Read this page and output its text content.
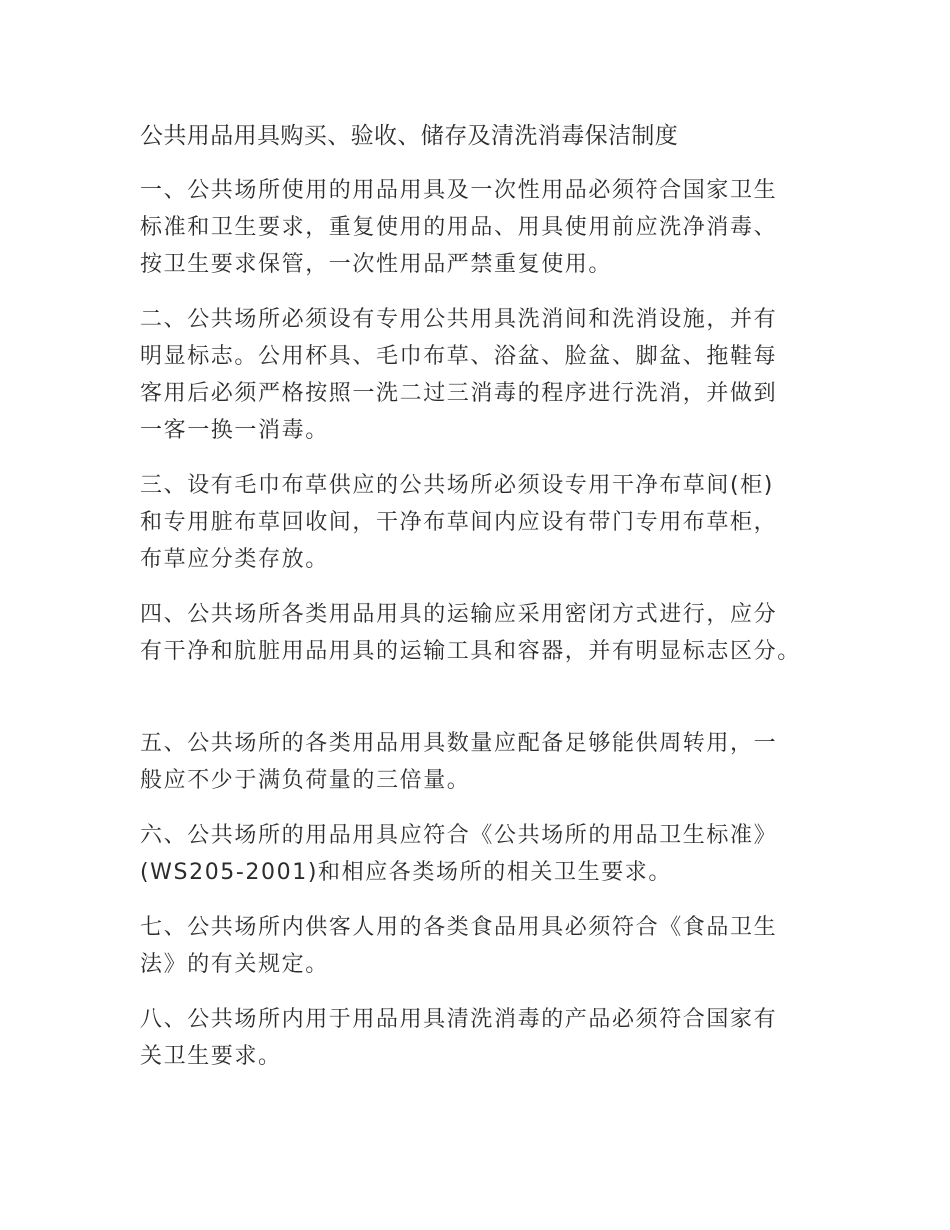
公共用品用具购买、验收、储存及清洗消毒保洁制度
一、公共场所使用的用品用具及一次性用品必须符合国家卫生
标准和卫生要求，重复使用的用品、用具使用前应洗净消毒、
按卫生要求保管，一次性用品严禁重复使用。
二、公共场所必须设有专用公共用具洗消间和洗消设施，并有
明显标志。公用杯具、毛巾布草、浴盆、脸盆、脚盆、拖鞋每
客用后必须严格按照一洗二过三消毒的程序进行洗消，并做到
一客一换一消毒。
三、设有毛巾布草供应的公共场所必须设专用干净布草间(柜)
和专用脏布草回收间，干净布草间内应设有带门专用布草柜，
布草应分类存放。
四、公共场所各类用品用具的运输应采用密闭方式进行，应分
有干净和肮脏用品用具的运输工具和容器，并有明显标志区分。
五、公共场所的各类用品用具数量应配备足够能供周转用，一
般应不少于满负荷量的三倍量。
六、公共场所的用品用具应符合《公共场所的用品卫生标准》
(WS205-2001)和相应各类场所的相关卫生要求。
七、公共场所内供客人用的各类食品用具必须符合《食品卫生
法》的有关规定。
八、公共场所内用于用品用具清洗消毒的产品必须符合国家有
关卫生要求。
